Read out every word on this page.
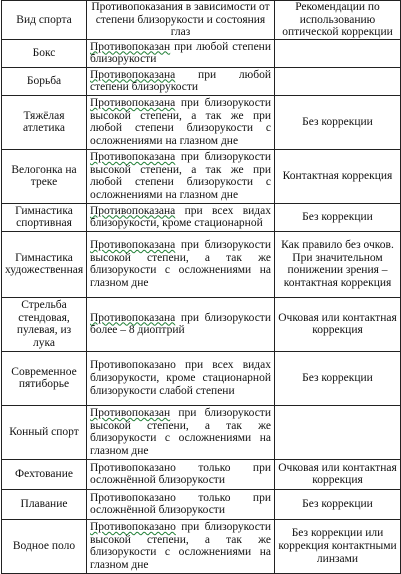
Вид спорта	Противопоказания в зависимости от степени близорукости и состояния глаз	Рекомендации по использованию оптической коррекции
Бокс	Противопоказан при любой степени близорукости	
Борьба	Противопоказана при любой степени близорукости	
Тяжёлая атлетика	Противопоказана при близорукости высокой степени, а так же при любой степени близорукости с осложнениями на глазном дне	Без коррекции
Велогонка на треке	Противопоказана при близорукости высокой степени, а так же при любой степени близорукости с осложнениями на глазном дне	Контактная коррекция
Гимнастика спортивная	Противопоказана при всех видах близорукости, кроме стационарной	Без коррекции
Гимнастика художественная	Противопоказана при близорукости высокой степени, а так же близорукости с осложнениями на глазном дне	Как правило без очков. При значительном понижении зрения – контактная коррекция
Стрельба стендовая, пулевая, из лука	Противопоказана при близорукости более – 8 диоптрий	Очковая или контактная коррекция
Современное пятиборье	Противопоказано при всех видах близорукости, кроме стационарной близорукости слабой степени	Без коррекции
Конный спорт	Противопоказан при близорукости высокой степени, а так же близорукости с осложнениями на глазном дне	
Фехтование	Противопоказано только при осложнённой близорукости	Очковая или контактная коррекция
Плавание	Противопоказано только при осложнённой близорукости	Без коррекции
Водное поло	Противопоказано при близорукости высокой степени, а так же близорукости с осложнениями на глазном дне	Без коррекции или коррекция контактными линзами
